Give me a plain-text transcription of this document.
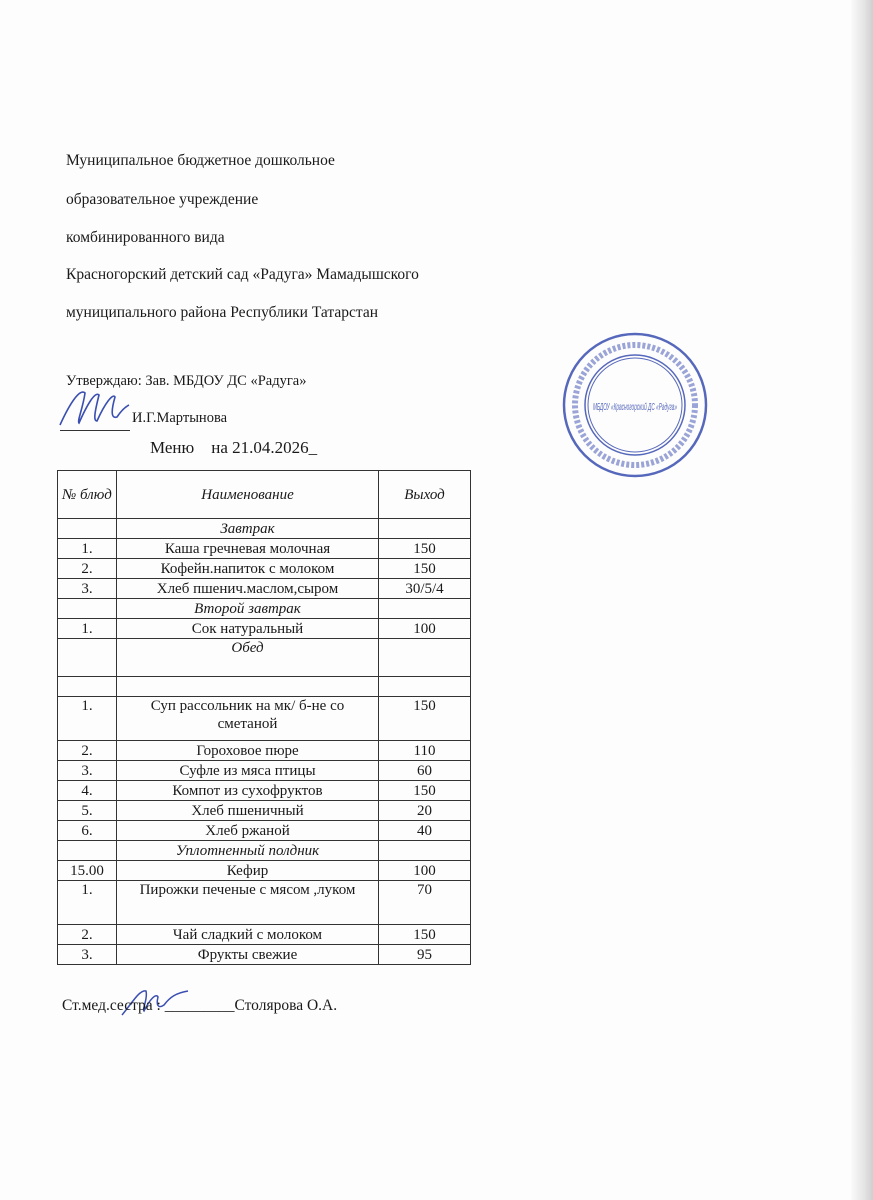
Муниципальное бюджетное дошкольное
образовательное учреждение
комбинированного вида
Красногорский детский сад «Радуга» Мамадышского
муниципального района Республики Татарстан
Утверждаю: Зав. МБДОУ ДС «Радуга»
И.Г.Мартынова
Меню    на 21.04.2026_
МБДОУ «Красногорский ДС «Радуга»
№ блюд	Наименование	Выход
	Завтрак	
1.	Каша гречневая молочная	150
2.	Кофейн.напиток с молоком	150
3.	Хлеб пшенич.маслом,сыром	30/5/4
	Второй завтрак	
1.	Сок натуральный	100
	Обед	

1.	Суп рассольник на мк/ б-не со сметаной	150
2.	Гороховое пюре	110
3.	Суфле из мяса птицы	60
4.	Компот из сухофруктов	150
5.	Хлеб пшеничный	20
6.	Хлеб ржаной	40
	Уплотненный полдник	
15.00	Кефир	100
1.	Пирожки печеные с мясом ,луком	70
2.	Чай сладкий с молоком	150
3.	Фрукты свежие	95
Ст.мед.сестра : _________Столярова О.А.
